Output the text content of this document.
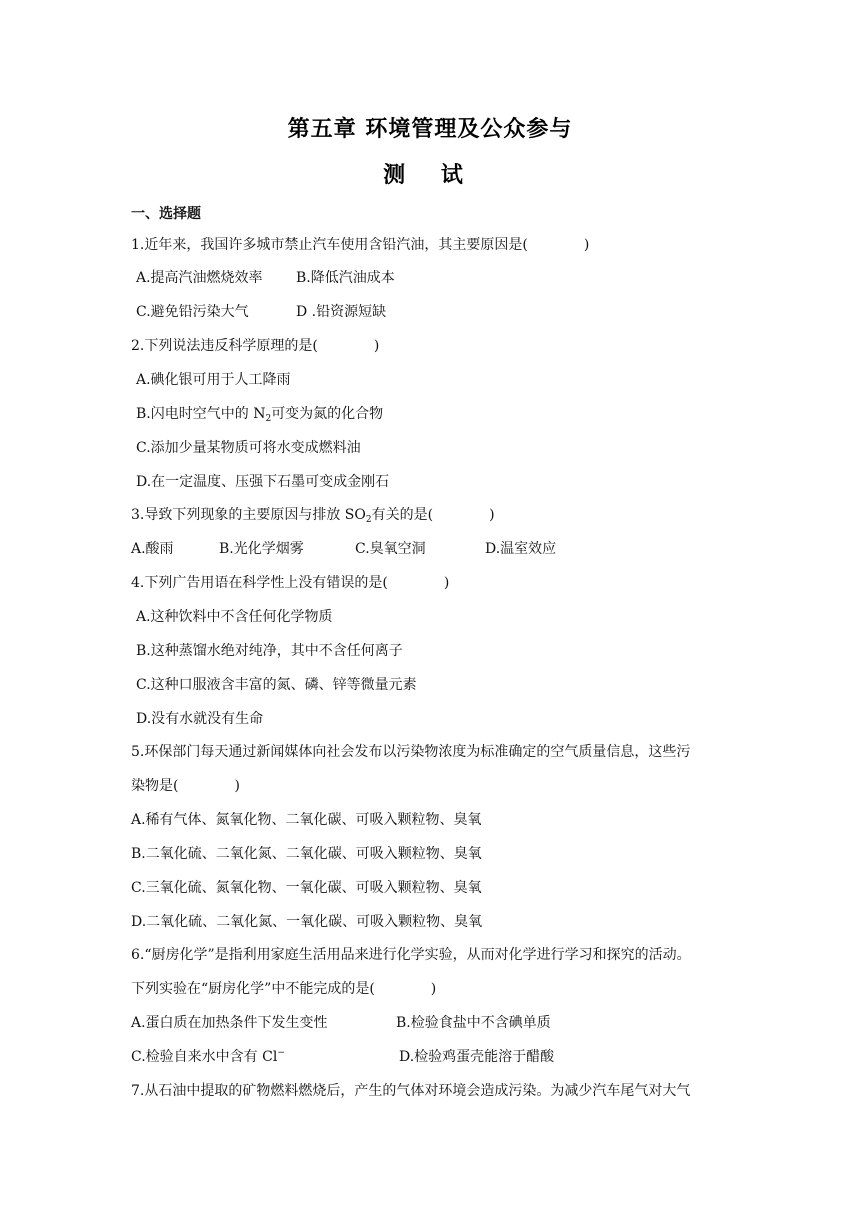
第五章 环境管理及公众参与
测 试
一、选择题
1.近年来，我国许多城市禁止汽车使用含铅汽油，其主要原因是(　　　　)
A.提高汽油燃烧效率 B.降低汽油成本
C.避免铅污染大气	D .铅资源短缺
2.下列说法违反科学原理的是(　　　　)
A.碘化银可用于人工降雨
B.闪电时空气中的 $N_2$可变为氮的化合物
C.添加少量某物质可将水变成燃料油
D.在一定温度、压强下石墨可变成金刚石
3.导致下列现象的主要原因与排放 $SO_2$有关的是(　　　　)
A.酸雨	B.光化学烟雾	C.臭氧空洞	D.温室效应
4.下列广告用语在科学性上没有错误的是(　　　　)
A.这种饮料中不含任何化学物质
B.这种蒸馏水绝对纯净，其中不含任何离子
C.这种口服液含丰富的氮、磷、锌等微量元素
D.没有水就没有生命
5.环保部门每天通过新闻媒体向社会发布以污染物浓度为标准确定的空气质量信息，这些污
染物是(　　　　)
A.稀有气体、氮氧化物、二氧化碳、可吸入颗粒物、臭氧
B.二氧化硫、二氧化氮、二氧化碳、可吸入颗粒物、臭氧
C.三氧化硫、氮氧化物、一氧化碳、可吸入颗粒物、臭氧
D.二氧化硫、二氧化氮、一氧化碳、可吸入颗粒物、臭氧
6.“厨房化学”是指利用家庭生活用品来进行化学实验，从而对化学进行学习和探究的活动。
下列实验在“厨房化学”中不能完成的是(　　　　)
A.蛋白质在加热条件下发生变性	B.检验食盐中不含碘单质
C.检验自来水中含有 Cl−	D.检验鸡蛋壳能溶于醋酸
7.从石油中提取的矿物燃料燃烧后，产生的气体对环境会造成污染。为减少汽车尾气对大气
